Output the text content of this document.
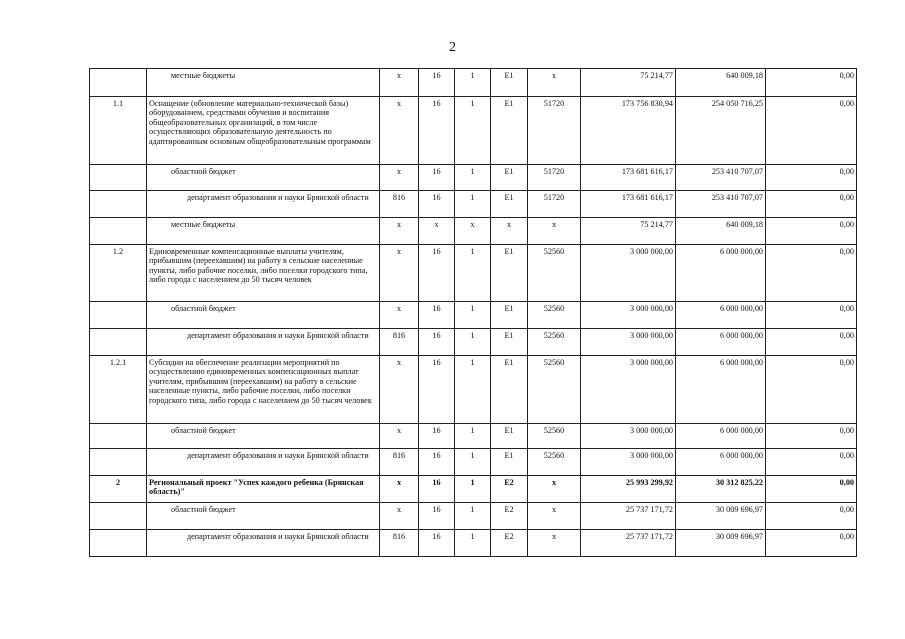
2
	местные бюджеты	x	16	1	E1	x	75 214,77	640 009,18	0,00
1.1	Оснащение (обновление материально-технической базы) оборудованием, средствами обучения и воспитания общеобразовательных организаций, в том числе осуществляющих образовательную деятельность по адаптированным основным общеобразовательным программам	x	16	1	E1	51720	173 756 830,94	254 050 716,25	0,00
	областной бюджет	x	16	1	E1	51720	173 681 616,17	253 410 707,07	0,00
	департамент образования и науки Брянской области	816	16	1	E1	51720	173 681 616,17	253 410 707,07	0,00
	местные бюджеты	x	x	x	x	x	75 214,77	640 009,18	0,00
1.2	Единовременные компенсационные выплаты учителям, прибывшим (переехавшим) на работу в сельские населенные пункты, либо рабочие поселки, либо поселки городского типа, либо города с населением до 50 тысяч человек	x	16	1	E1	52560	3 000 000,00	6 000 000,00	0,00
	областной бюджет	x	16	1	E1	52560	3 000 000,00	6 000 000,00	0,00
	департамент образования и науки Брянской области	816	16	1	E1	52560	3 000 000,00	6 000 000,00	0,00
1.2.1	Субсидии на обеспечение реализации мероприятий по осуществлению единовременных компенсационных выплат учителям, прибывшим (переехавшим) на работу в сельские населенные пункты, либо рабочие поселки, либо поселки городского типа, либо города с населением до 50 тысяч человек	x	16	1	E1	52560	3 000 000,00	6 000 000,00	0,00
	областной бюджет	x	16	1	E1	52560	3 000 000,00	6 000 000,00	0,00
	департамент образования и науки Брянской области	816	16	1	E1	52560	3 000 000,00	6 000 000,00	0,00
2	Региональный проект "Успех каждого ребенка (Брянская область)"	x	16	1	E2	x	25 993 299,92	30 312 825,22	0,00
	областной бюджет	x	16	1	E2	x	25 737 171,72	30 009 696,97	0,00
	департамент образования и науки Брянской области	816	16	1	E2	x	25 737 171,72	30 009 696,97	0,00
